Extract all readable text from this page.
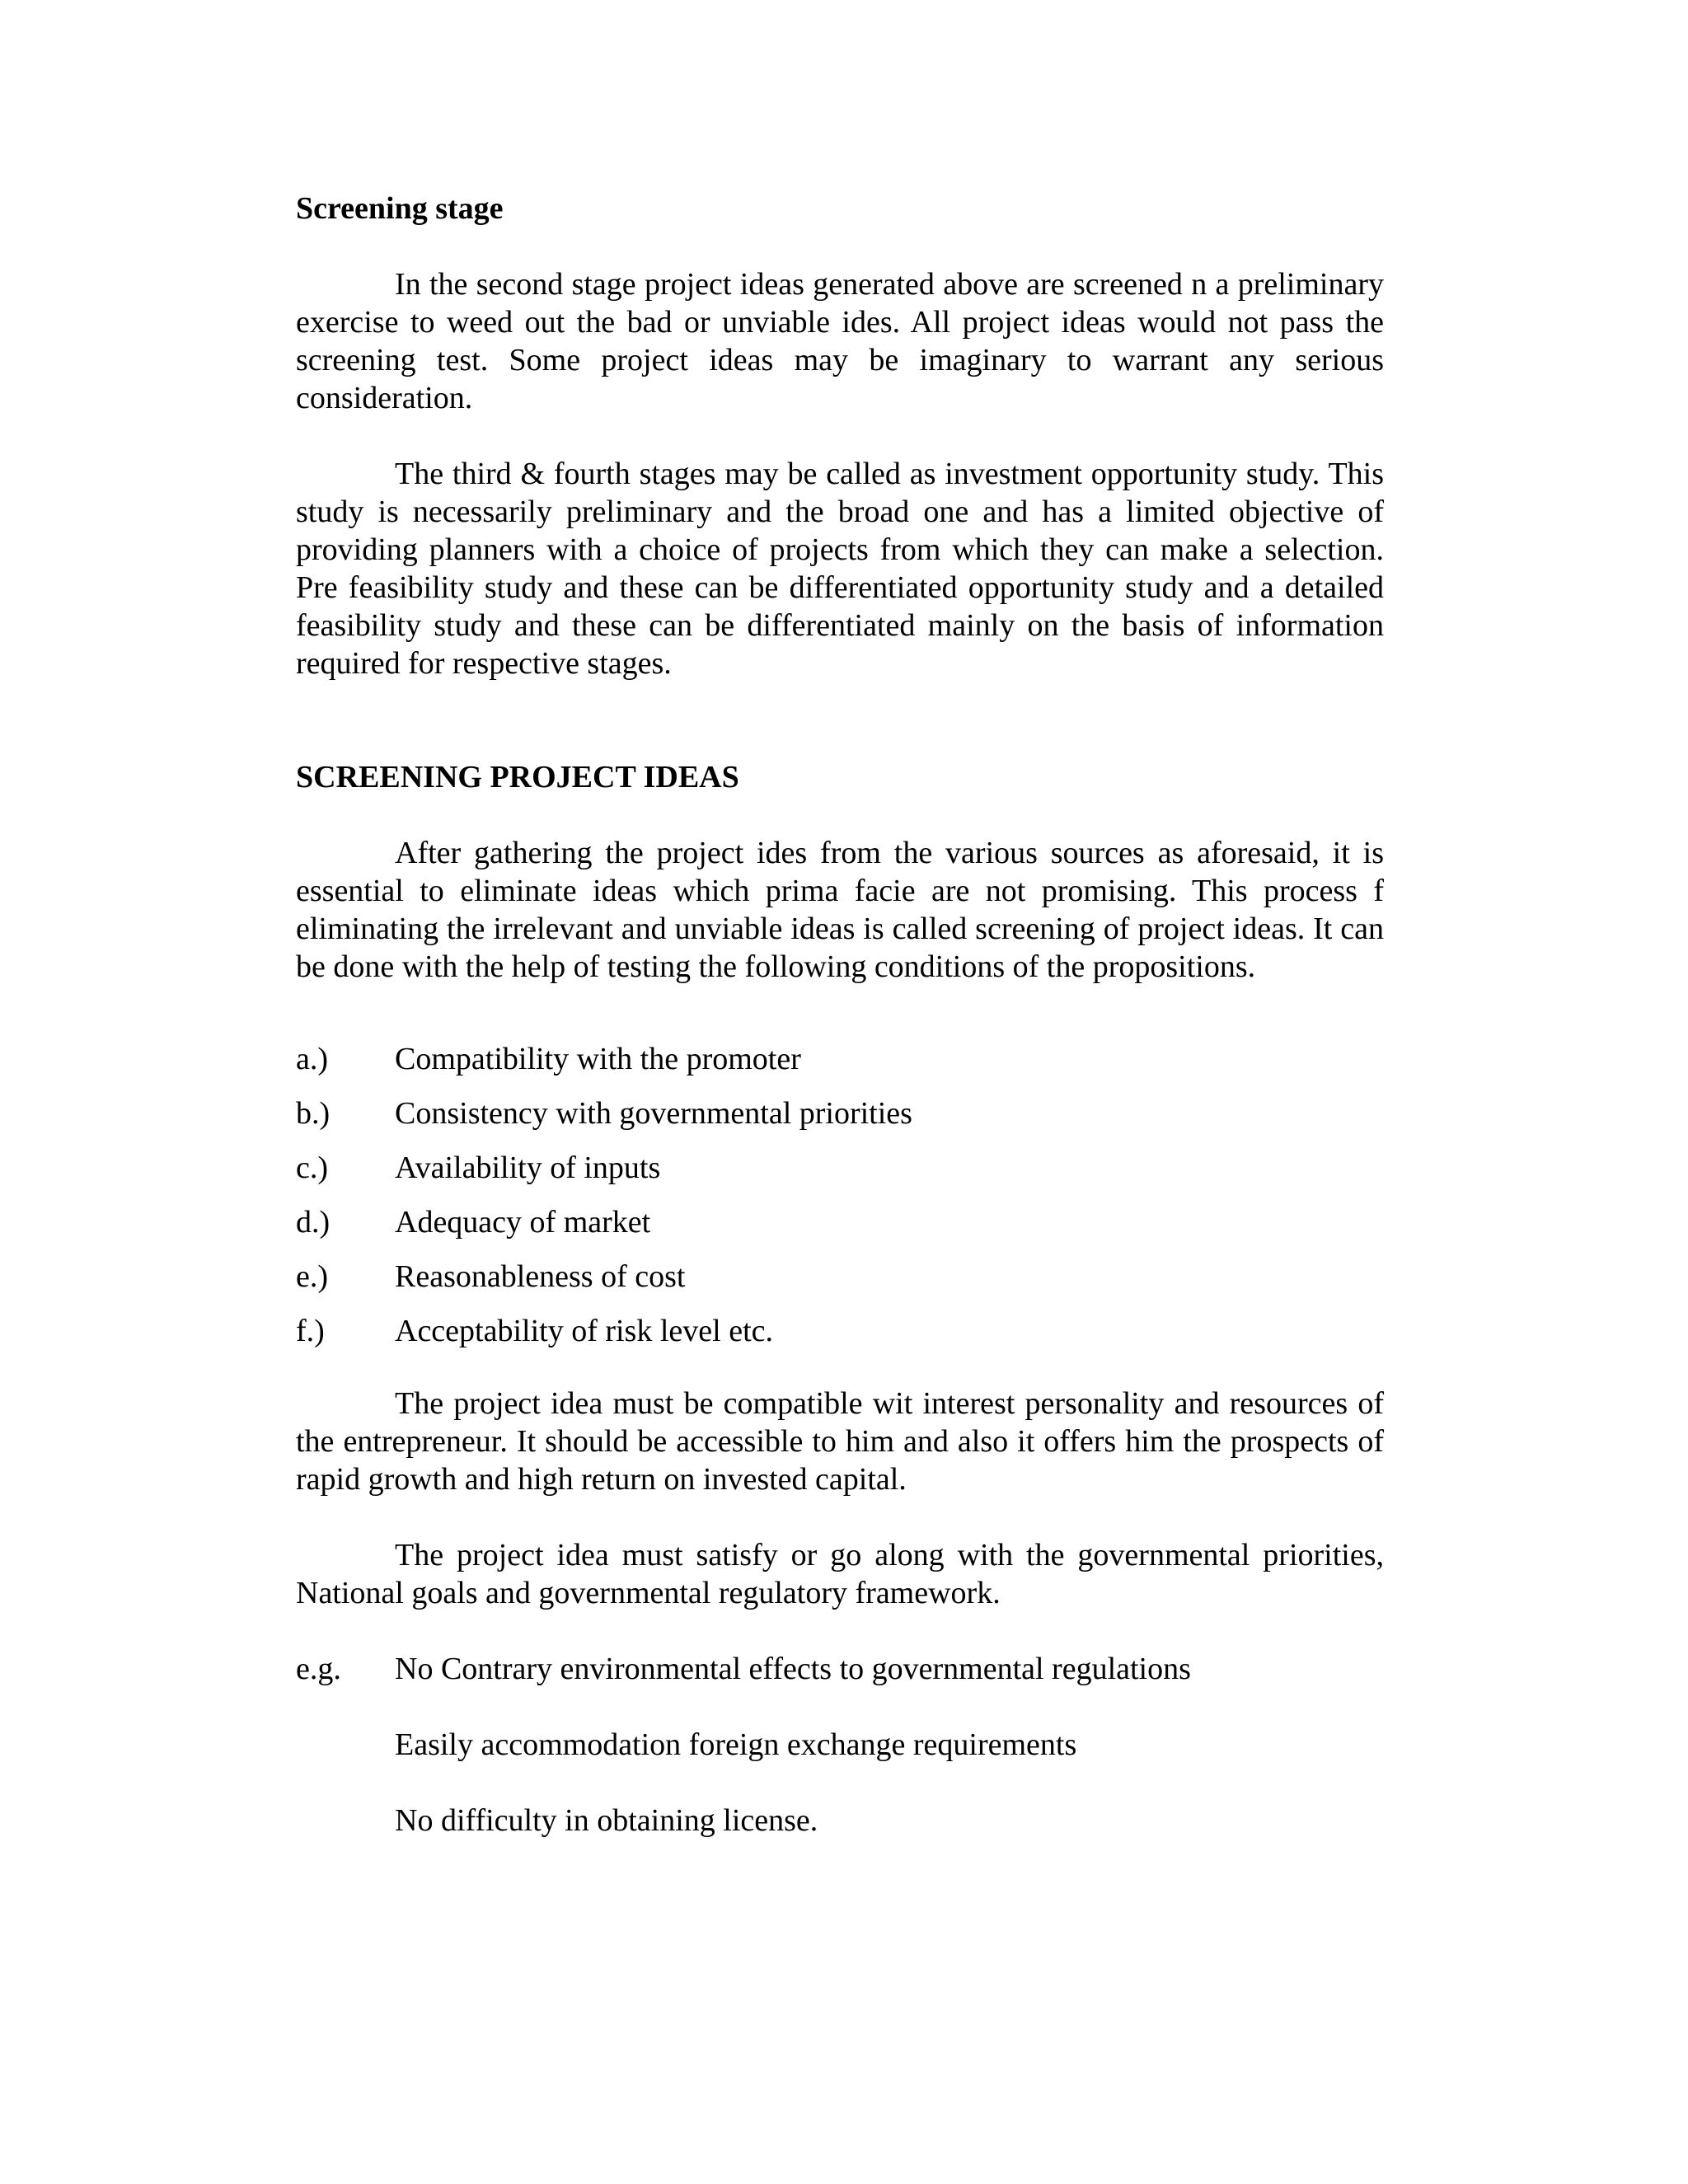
Screening stage

In the second stage project ideas generated above are screened n a preliminary exercise to weed out the bad or unviable ides. All project ideas would not pass the screening test. Some project ideas may be imaginary to warrant any serious consideration.

The third & fourth stages may be called as investment opportunity study. This study is necessarily preliminary and the broad one and has a limited objective of providing planners with a choice of projects from which they can make a selection. Pre feasibility study and these can be differentiated opportunity study and a detailed feasibility study and these can be differentiated mainly on the basis of information required for respective stages.

SCREENING PROJECT IDEAS

After gathering the project ides from the various sources as aforesaid, it is essential to eliminate ideas which prima facie are not promising. This process f eliminating the irrelevant and unviable ideas is called screening of project ideas. It can be done with the help of testing the following conditions of the propositions.

a.)	Compatibility with the promoter
b.)	Consistency with governmental priorities
c.)	Availability of inputs
d.)	Adequacy of market
e.)	Reasonableness of cost
f.)	Acceptability of risk level etc.

The project idea must be compatible wit interest personality and resources of the entrepreneur. It should be accessible to him and also it offers him the prospects of rapid growth and high return on invested capital.

The project idea must satisfy or go along with the governmental priorities, National goals and governmental regulatory framework.

e.g.	No Contrary environmental effects to governmental regulations
Easily accommodation foreign exchange requirements
No difficulty in obtaining license.
